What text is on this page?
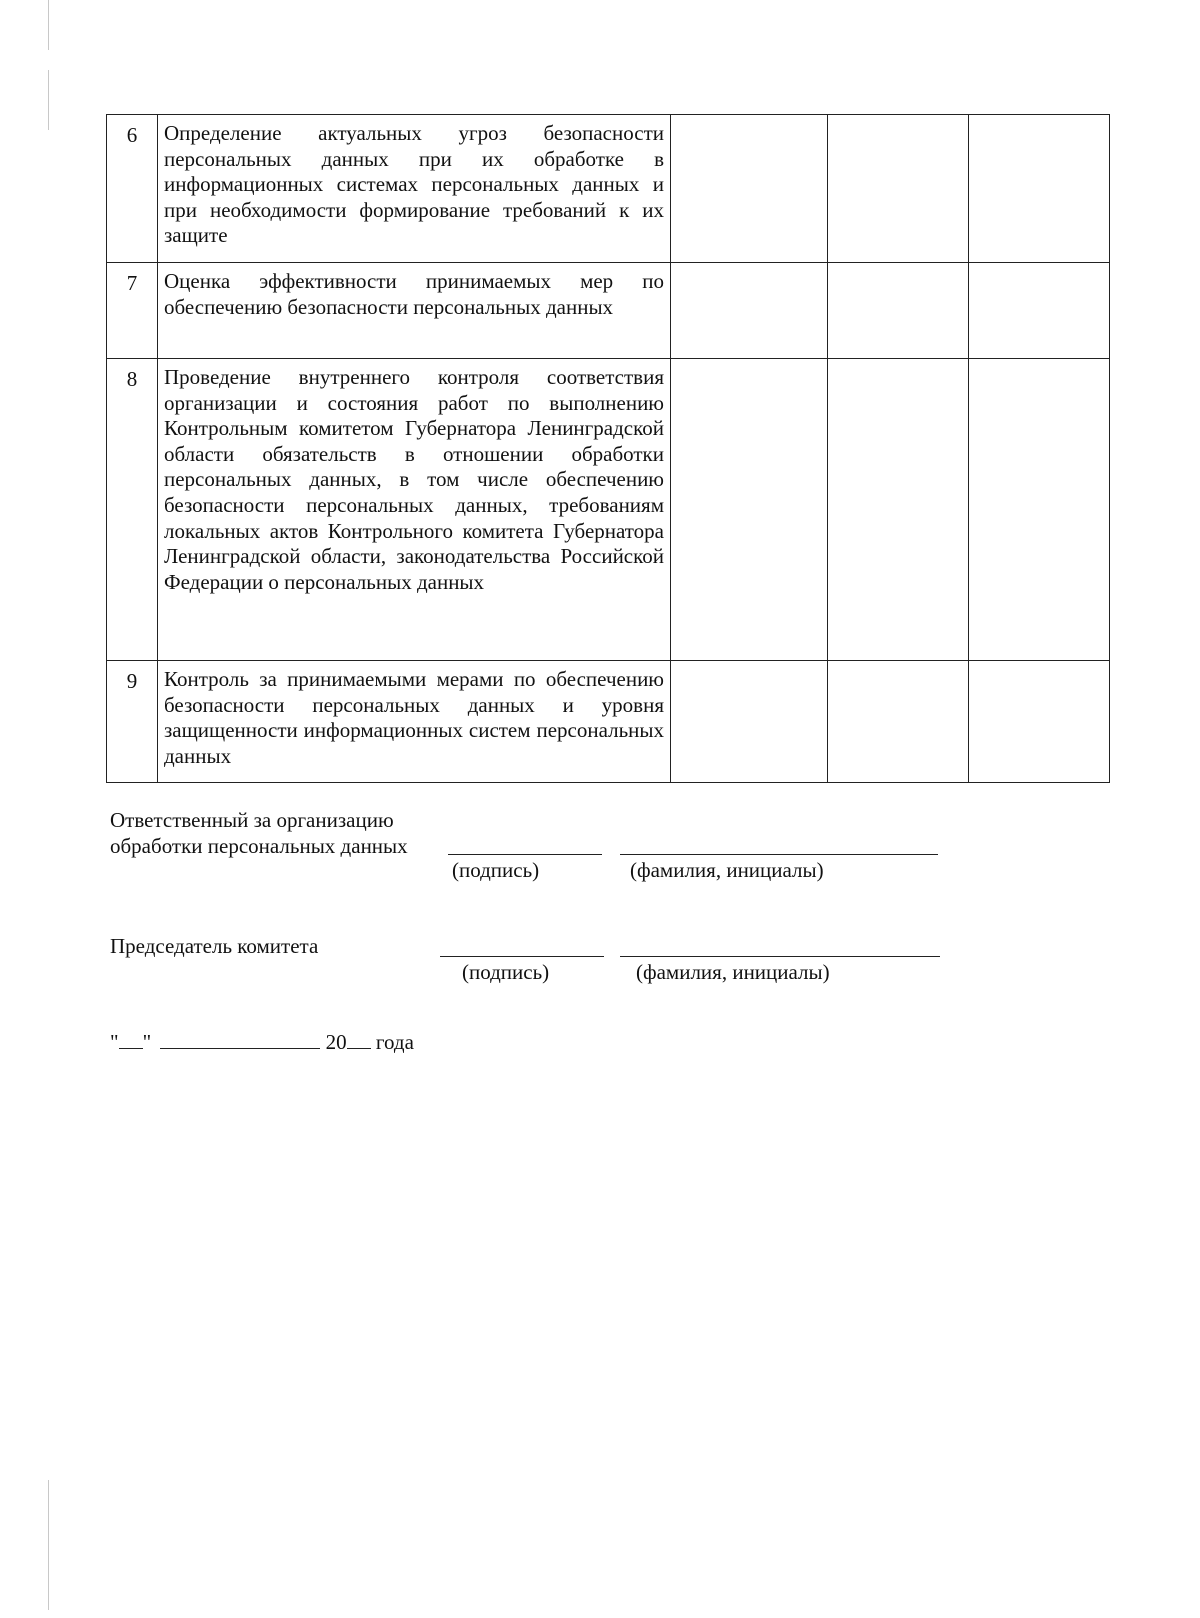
6	Определение актуальных угроз безопасности персональных данных при их обработке в информационных системах персональных данных и при необходимости формирование требований к их защите			
7	Оценка эффективности принимаемых мер по обеспечению безопасности персональных данных			
8	Проведение внутреннего контроля соответствия организации и состояния работ по выполнению Контрольным комитетом Губернатора Ленинградской области обязательств в отношении обработки персональных данных, в том числе обеспечению безопасности персональных данных, требованиям локальных актов Контрольного комитета Губернатора Ленинградской области, законодательства Российской Федерации о персональных данных			
9	Контроль за принимаемыми мерами по обеспечению безопасности персональных данных и уровня защищенности информационных систем персональных данных			
Ответственный за организацию
обработки персональных данных
(подпись)	(фамилия, инициалы)
Председатель комитета
(подпись)	(фамилия, инициалы)
" "	20 года
